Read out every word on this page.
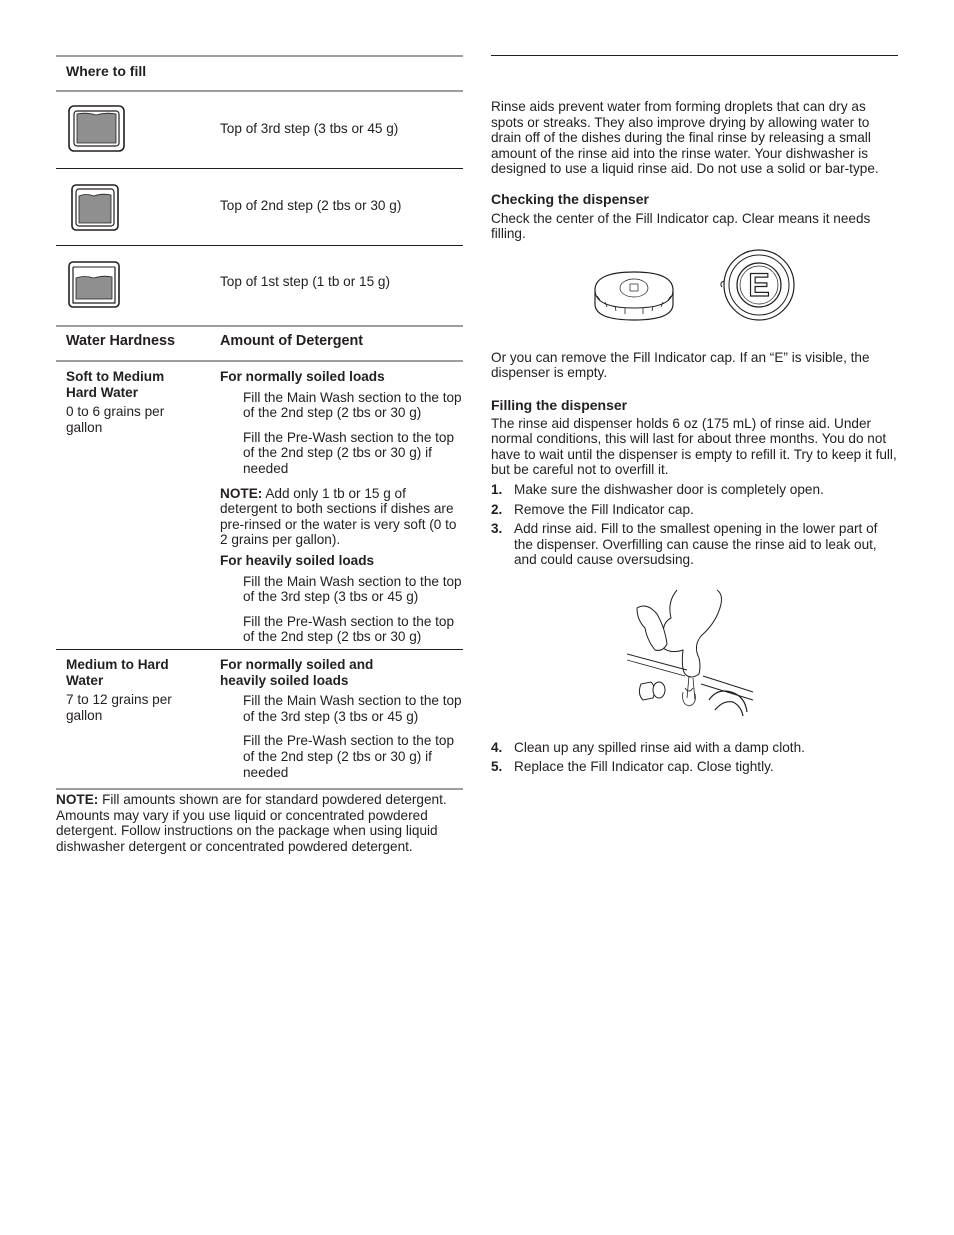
Where to fill
Top of 3rd step (3 tbs or 45 g)
Top of 2nd step (2 tbs or 30 g)
Top of 1st step (1 tb or 15 g)
Water Hardness	Amount of Detergent

Soft to Medium Hard Water

0 to 6 grains per gallon

For normally soiled loads

Fill the Main Wash section to the top of the 2nd step (2 tbs or 30 g)

Fill the Pre-Wash section to the top of the 2nd step (2 tbs or 30 g) if needed

NOTE: Add only 1 tb or 15 g of detergent to both sections if dishes are pre-rinsed or the water is very soft (0 to 2 grains per gallon).

For heavily soiled loads

Fill the Main Wash section to the top of the 3rd step (3 tbs or 45 g)

Fill the Pre-Wash section to the top of the 2nd step (2 tbs or 30 g)

Medium to Hard Water

7 to 12 grains per gallon

For normally soiled and heavily soiled loads

Fill the Main Wash section to the top of the 3rd step (3 tbs or 45 g)

Fill the Pre-Wash section to the top of the 2nd step (2 tbs or 30 g) if needed

NOTE: Fill amounts shown are for standard powdered detergent. Amounts may vary if you use liquid or concentrated powdered detergent. Follow instructions on the package when using liquid dishwasher detergent or concentrated powdered detergent.

Rinse aids prevent water from forming droplets that can dry as spots or streaks. They also improve drying by allowing water to drain off of the dishes during the final rinse by releasing a small amount of the rinse aid into the rinse water. Your dishwasher is designed to use a liquid rinse aid. Do not use a solid or bar-type.

Checking the dispenser

Check the center of the Fill Indicator cap. Clear means it needs filling.

E

Or you can remove the Fill Indicator cap. If an “E” is visible, the dispenser is empty.

Filling the dispenser

The rinse aid dispenser holds 6 oz (175 mL) of rinse aid. Under normal conditions, this will last for about three months. You do not have to wait until the dispenser is empty to refill it. Try to keep it full, but be careful not to overfill it.

1. Make sure the dishwasher door is completely open.
2. Remove the Fill Indicator cap.
3. Add rinse aid. Fill to the smallest opening in the lower part of the dispenser. Overfilling can cause the rinse aid to leak out, and could cause oversudsing.
4. Clean up any spilled rinse aid with a damp cloth.
5. Replace the Fill Indicator cap. Close tightly.
